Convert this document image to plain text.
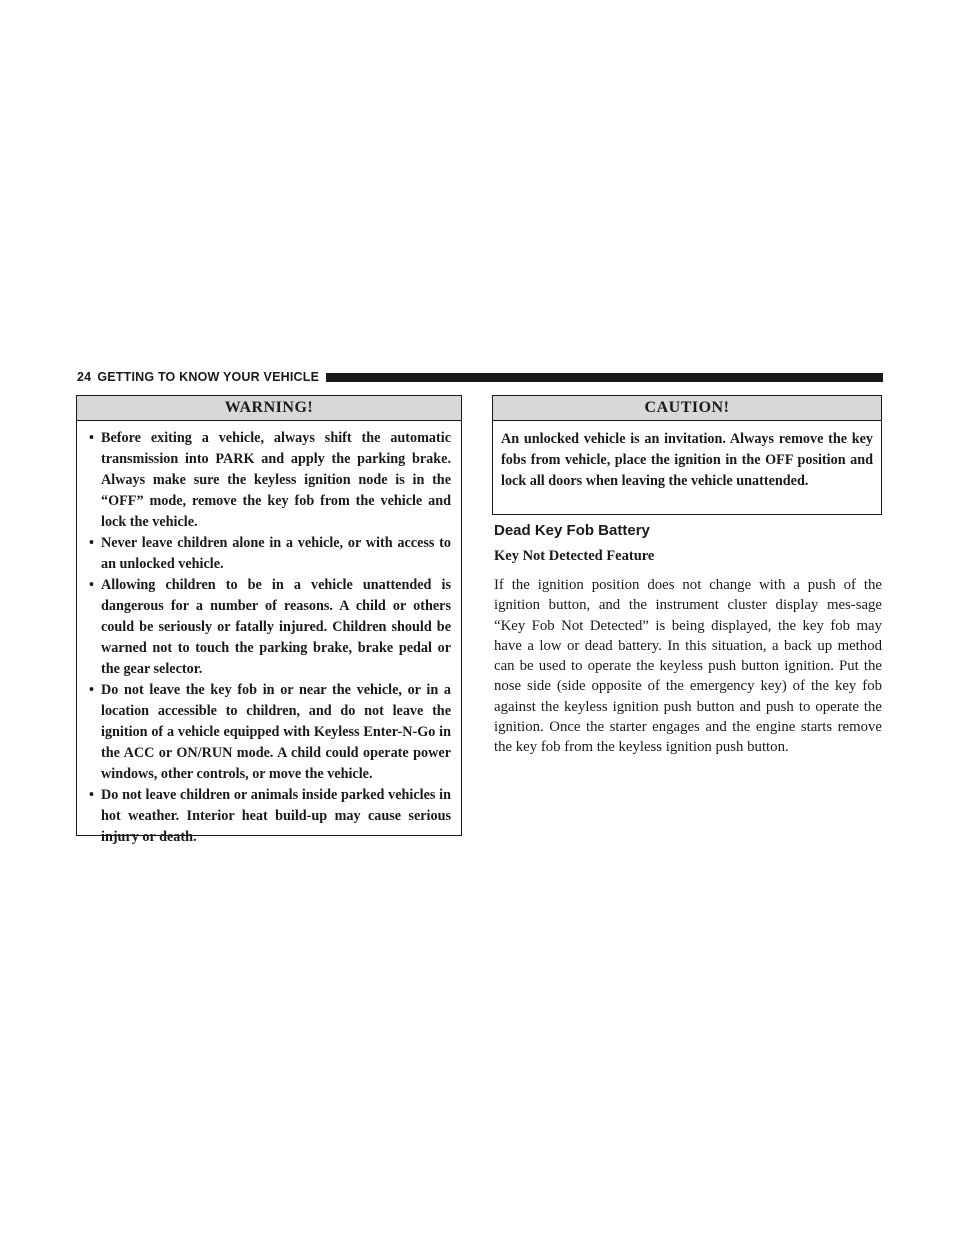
24 GETTING TO KNOW YOUR VEHICLE
WARNING!
• Before exiting a vehicle, always shift the automatic transmission into PARK and apply the parking brake. Always make sure the keyless ignition node is in the “OFF” mode, remove the key fob from the vehicle and lock the vehicle.
• Never leave children alone in a vehicle, or with access to an unlocked vehicle.
• Allowing children to be in a vehicle unattended is dangerous for a number of reasons. A child or others could be seriously or fatally injured. Children should be warned not to touch the parking brake, brake pedal or the gear selector.
• Do not leave the key fob in or near the vehicle, or in a location accessible to children, and do not leave the ignition of a vehicle equipped with Keyless Enter-N-Go in the ACC or ON/RUN mode. A child could operate power windows, other controls, or move the vehicle.
• Do not leave children or animals inside parked vehicles in hot weather. Interior heat build-up may cause serious injury or death.
CAUTION!

An unlocked vehicle is an invitation. Always remove the key fobs from vehicle, place the ignition in the OFF position and lock all doors when leaving the vehicle unattended.

Dead Key Fob Battery
Key Not Detected Feature

If the ignition position does not change with a push of the ignition button, and the instrument cluster display mes-sage “Key Fob Not Detected” is being displayed, the key fob may have a low or dead battery. In this situation, a back up method can be used to operate the keyless push button ignition. Put the nose side (side opposite of the emergency key) of the key fob against the keyless ignition push button and push to operate the ignition. Once the starter engages and the engine starts remove the key fob from the keyless ignition push button.
